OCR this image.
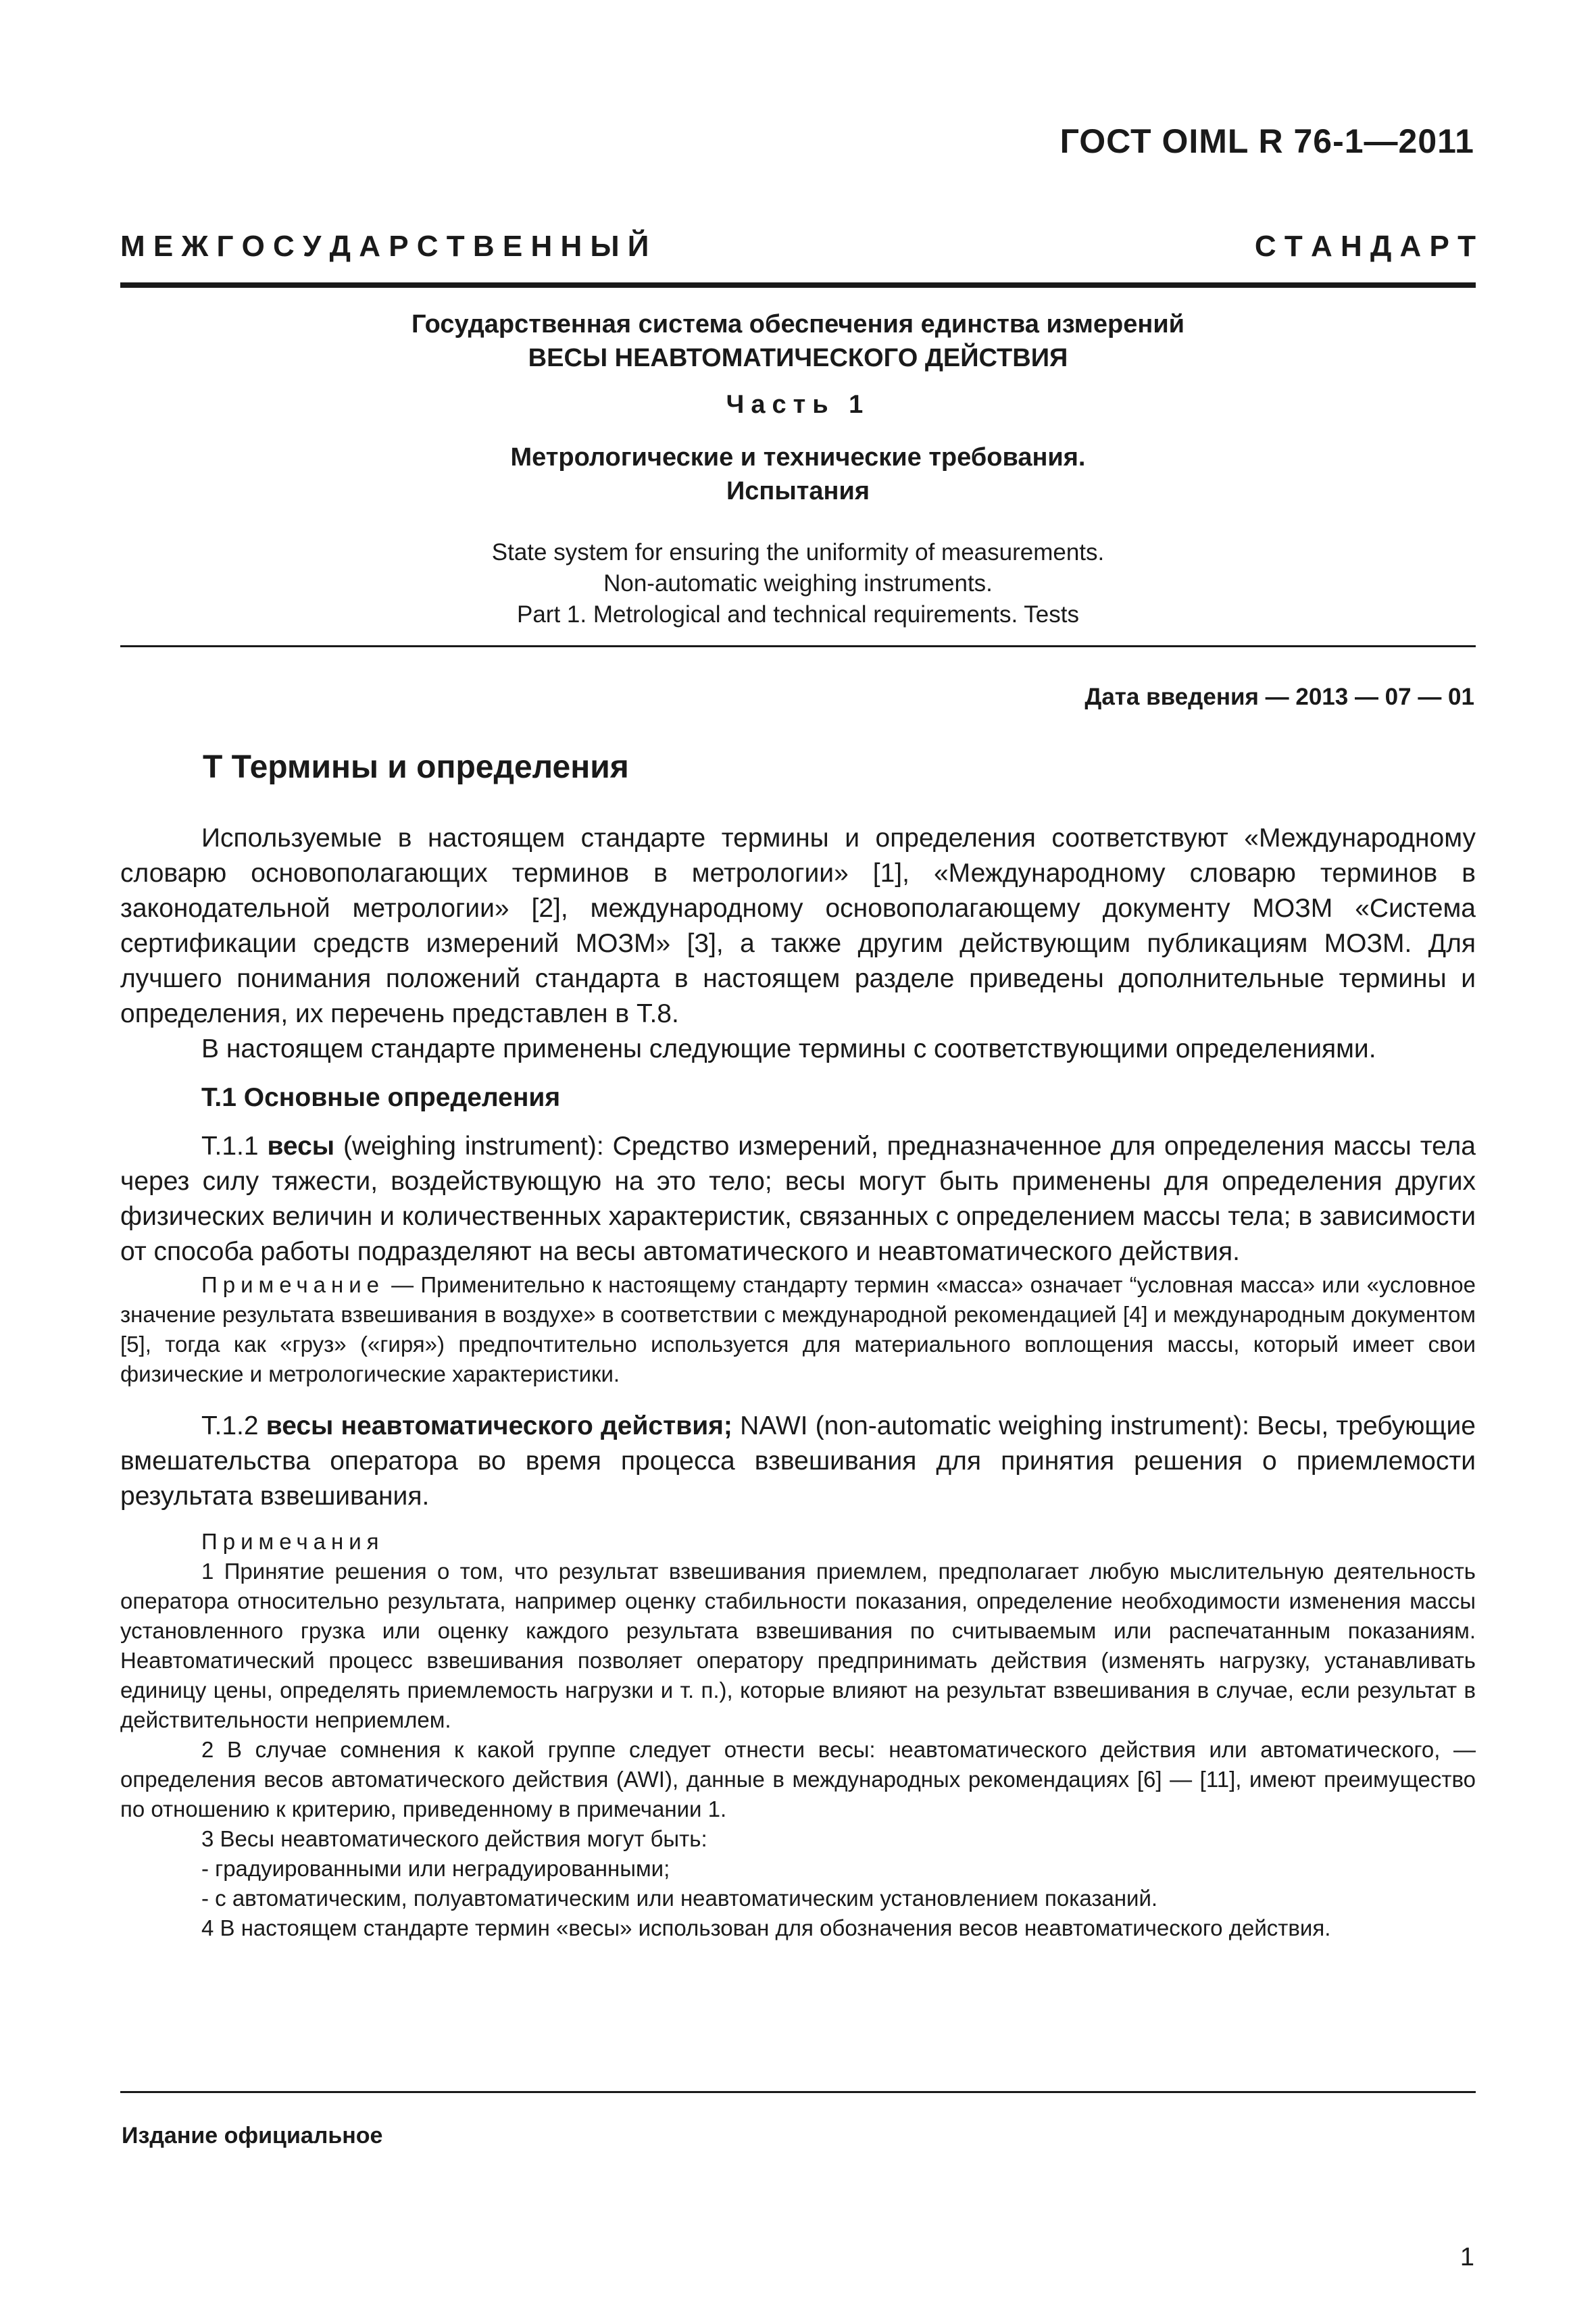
ГОСТ OIML R 76-1—2011
М Е Ж Г О С У Д А Р С Т В Е Н Н Ы Й	С Т А Н Д А Р Т
Государственная система обеспечения единства измерений
ВЕСЫ НЕАВТОМАТИЧЕСКОГО ДЕЙСТВИЯ
Часть 1
Метрологические и технические требования.
Испытания
State system for ensuring the uniformity of measurements.
Non-automatic weighing instruments.
Part 1. Metrological and technical requirements. Tests
Дата введения — 2013 — 07 — 01
Т Термины и определения

Используемые в настоящем стандарте термины и определения соответствуют «Международному словарю основополагающих терминов в метрологии» [1], «Международному словарю терминов в законодательной метрологии» [2], международному основополагающему документу МОЗМ «Система сертификации средств измерений МОЗМ» [3], а также другим действующим публикациям МОЗМ. Для лучшего понимания положений стандарта в настоящем разделе приведены дополнительные термины и определения, их перечень представлен в Т.8.

В настоящем стандарте применены следующие термины с соответствующими определениями.

Т.1 Основные определения

Т.1.1 весы (weighing instrument): Средство измерений, предназначенное для определения массы тела через силу тяжести, воздействующую на это тело; весы могут быть применены для определения других физических величин и количественных характеристик, связанных с определением массы тела; в зависимости от способа работы подразделяют на весы автоматического и неавтоматического действия.

Примечание — Применительно к настоящему стандарту термин «масса» означает “условная масса» или «условное значение результата взвешивания в воздухе» в соответствии с международной рекомендацией [4] и международным документом [5], тогда как «груз» («гиря») предпочтительно используется для материального воплощения массы, который имеет свои физические и метрологические характеристики.

Т.1.2 весы неавтоматического действия; NAWI (non-automatic weighing instrument): Весы, требующие вмешательства оператора во время процесса взвешивания для принятия решения о приемлемости результата взвешивания.

Примечания

1 Принятие решения о том, что результат взвешивания приемлем, предполагает любую мыслительную деятельность оператора относительно результата, например оценку стабильности показания, определение необходимости изменения массы установленного грузка или оценку каждого результата взвешивания по считываемым или распечатанным показаниям. Неавтоматический процесс взвешивания позволяет оператору предпринимать действия (изменять нагрузку, устанавливать единицу цены, определять приемлемость нагрузки и т. п.), которые влияют на результат взвешивания в случае, если результат в действительности неприемлем.

2 В случае сомнения к какой группе следует отнести весы: неавтоматического действия или автоматического, — определения весов автоматического действия (AWI), данные в международных рекомендациях [6] — [11], имеют преимущество по отношению к критерию, приведенному в примечании 1.

3 Весы неавтоматического действия могут быть:

- градуированными или неградуированными;

- с автоматическим, полуавтоматическим или неавтоматическим установлением показаний.

4 В настоящем стандарте термин «весы» использован для обозначения весов неавтоматического действия.

Издание официальное
1
